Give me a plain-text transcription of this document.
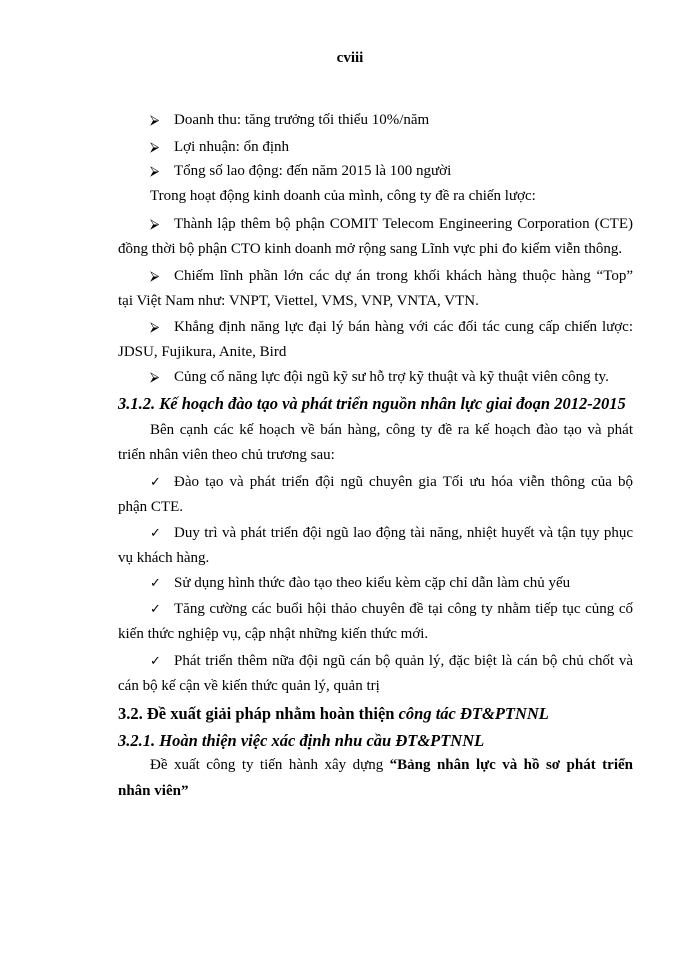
cviii
⮚ Doanh thu: tăng trưởng tối thiểu 10%/năm
⮚ Lợi nhuận: ổn định
⮚ Tổng số lao động: đến năm 2015 là 100 người
Trong hoạt động kinh doanh của mình, công ty đề ra chiến lược:
⮚ Thành lập thêm bộ phận COMIT Telecom Engineering Corporation (CTE)
đồng thời bộ phận CTO kinh doanh mở rộng sang Lĩnh vực phi đo kiểm viễn thông.
⮚ Chiếm lĩnh phần lớn các dự án trong khối khách hàng thuộc hàng “Top”
tại Việt Nam như: VNPT, Viettel, VMS, VNP, VNTA, VTN.
⮚ Khẳng định năng lực đại lý bán hàng với các đối tác cung cấp chiến lược:
JDSU, Fujikura, Anite, Bird
⮚ Củng cố năng lực đội ngũ kỹ sư hỗ trợ kỹ thuật và kỹ thuật viên công ty.
3.1.2. Kế hoạch đào tạo và phát triển nguồn nhân lực giai đoạn 2012-2015
Bên cạnh các kế hoạch về bán hàng, công ty đề ra kế hoạch đào tạo và phát
triển nhân viên theo chủ trương sau:
✓ Đào tạo và phát triển đội ngũ chuyên gia Tối ưu hóa viễn thông của bộ
phận CTE.
✓ Duy trì và phát triển đội ngũ lao động tài năng, nhiệt huyết và tận tụy phục
vụ khách hàng.
✓ Sử dụng hình thức đào tạo theo kiểu kèm cặp chỉ dẫn làm chủ yếu
✓ Tăng cường các buổi hội thảo chuyên đề tại công ty nhằm tiếp tục củng cố
kiến thức nghiệp vụ, cập nhật những kiến thức mới.
✓ Phát triển thêm nữa đội ngũ cán bộ quản lý, đặc biệt là cán bộ chủ chốt và
cán bộ kế cận về kiến thức quản lý, quản trị
3.2. Đề xuất giải pháp nhằm hoàn thiện công tác ĐT&PTNNL
3.2.1. Hoàn thiện việc xác định nhu cầu ĐT&PTNNL
Đề xuất công ty tiến hành xây dựng “Bảng nhân lực và hồ sơ phát triển
nhân viên”
